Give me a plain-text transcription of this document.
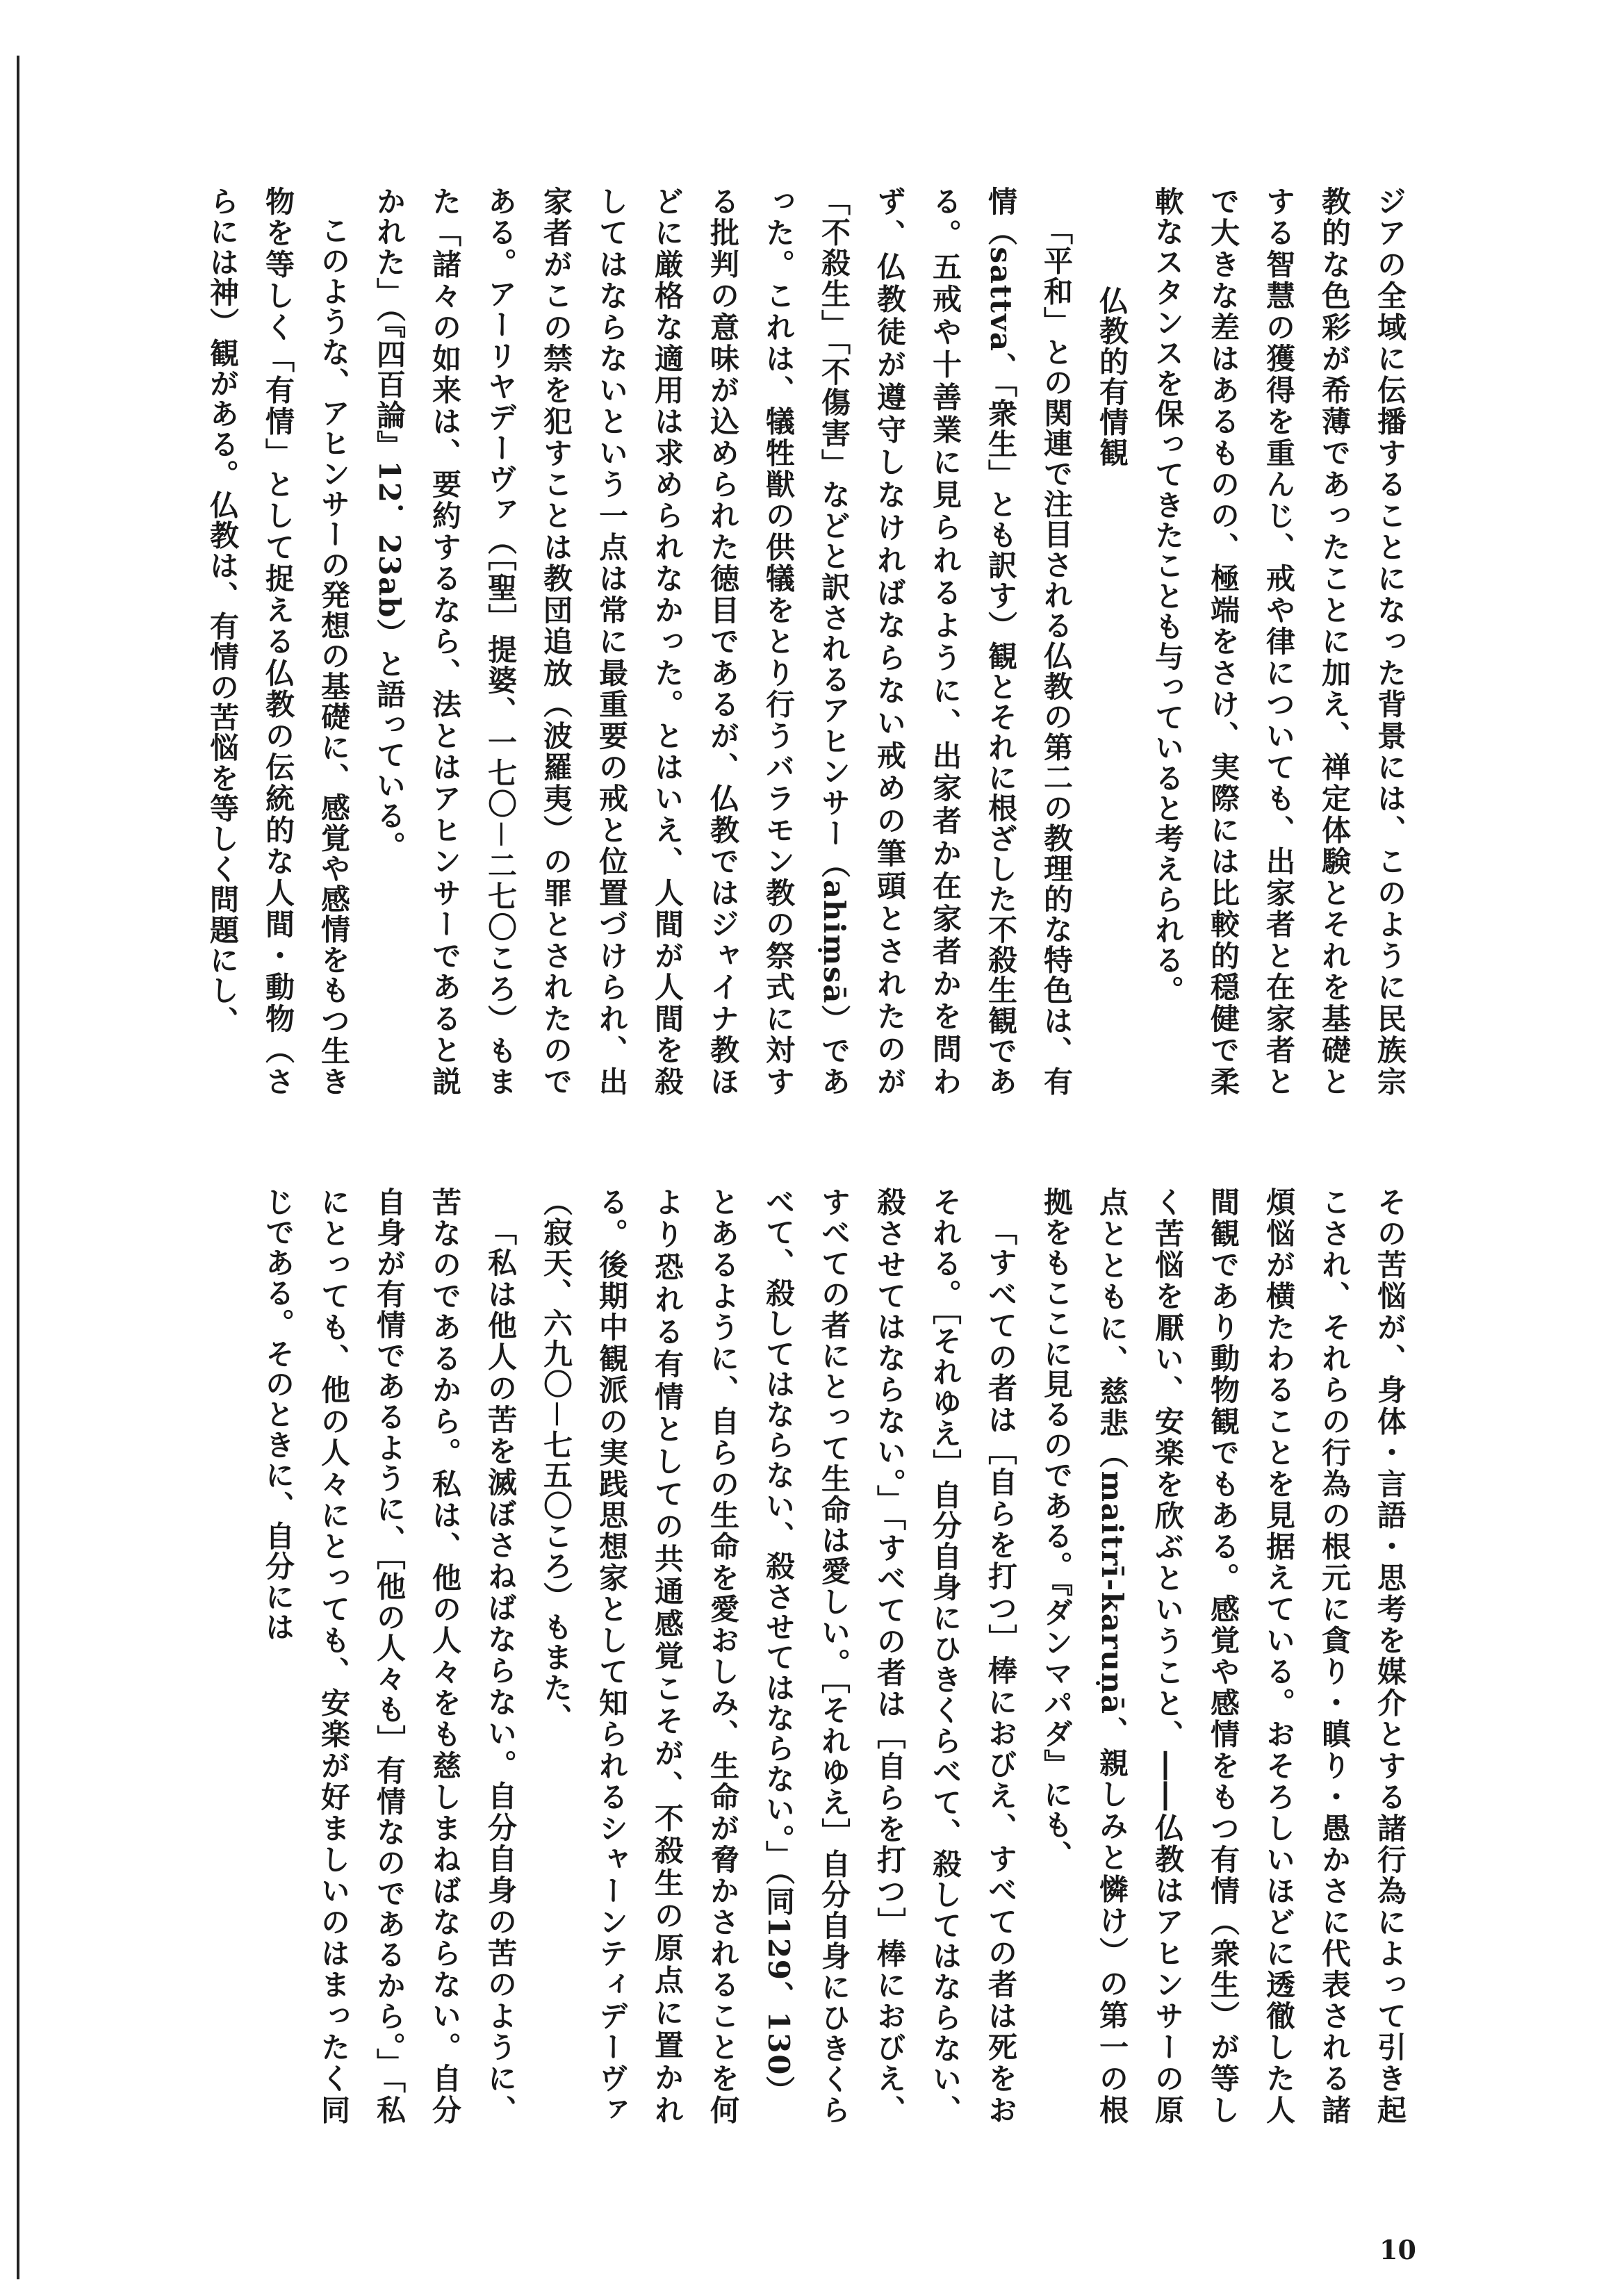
ジアの全域に伝播することになった背景には、このように民族宗教的な色彩が希薄であったことに加え、禅定体験とそれを基礎とする智慧の獲得を重んじ、戒や律についても、出家者と在家者とで大きな差はあるものの、極端をさけ、実際には比較的穏健で柔軟なスタンスを保ってきたことも与っていると考えられる。

仏教的有情観

「平和」との関連で注目される仏教の第二の教理的な特色は、有情（sattva、「衆生」とも訳す）観とそれに根ざした不殺生観である。五戒や十善業に見られるように、出家者か在家者かを問わず、仏教徒が遵守しなければならない戒めの筆頭とされたのが「不殺生」「不傷害」などと訳されるアヒンサー（ahiṃsā）であった。これは、犠牲獣の供犠をとり行うバラモン教の祭式に対する批判の意味が込められた徳目であるが、仏教ではジャイナ教ほどに厳格な適用は求められなかった。とはいえ、人間が人間を殺してはならないという一点は常に最重要の戒と位置づけられ、出家者がこの禁を犯すことは教団追放（波羅夷）の罪とされたのである。アーリヤデーヴァ（［聖］提婆、一七〇－二七〇ころ）もまた「諸々の如来は、要約するなら、法とはアヒンサーであると説かれた」（『四百論』12．23ab）と語っている。

このような、アヒンサーの発想の基礎に、感覚や感情をもつ生き物を等しく「有情」として捉える仏教の伝統的な人間・動物（さらには神）観がある。仏教は、有情の苦悩を等しく問題にし、

その苦悩が、身体・言語・思考を媒介とする諸行為によって引き起こされ、それらの行為の根元に貪り・瞋り・愚かさに代表される諸煩悩が横たわることを見据えている。おそろしいほどに透徹した人間観であり動物観でもある。感覚や感情をもつ有情（衆生）が等しく苦悩を厭い、安楽を欣ぶということ、――仏教はアヒンサーの原点とともに、慈悲（maitrī-karuṇā、親しみと憐け）の第一の根拠をもここに見るのである。『ダンマパダ』にも、

「すべての者は［自らを打つ］棒におびえ、すべての者は死をおそれる。［それゆえ］自分自身にひきくらべて、殺してはならない、殺させてはならない。」「すべての者は［自らを打つ］棒におびえ、すべての者にとって生命は愛しい。［それゆえ］自分自身にひきくらべて、殺してはならない、殺させてはならない。」（同129、130）

とあるように、自らの生命を愛おしみ、生命が脅かされることを何より恐れる有情としての共通感覚こそが、不殺生の原点に置かれる。後期中観派の実践思想家として知られるシャーンティデーヴァ（寂天、六九〇－七五〇ころ）もまた、

「私は他人の苦を滅ぼさねばならない。自分自身の苦のように、苦なのであるから。私は、他の人々をも慈しまねばならない。自分自身が有情であるように、［他の人々も］有情なのであるから。」「私にとっても、他の人々にとっても、安楽が好ましいのはまったく同じである。そのときに、自分には

10
